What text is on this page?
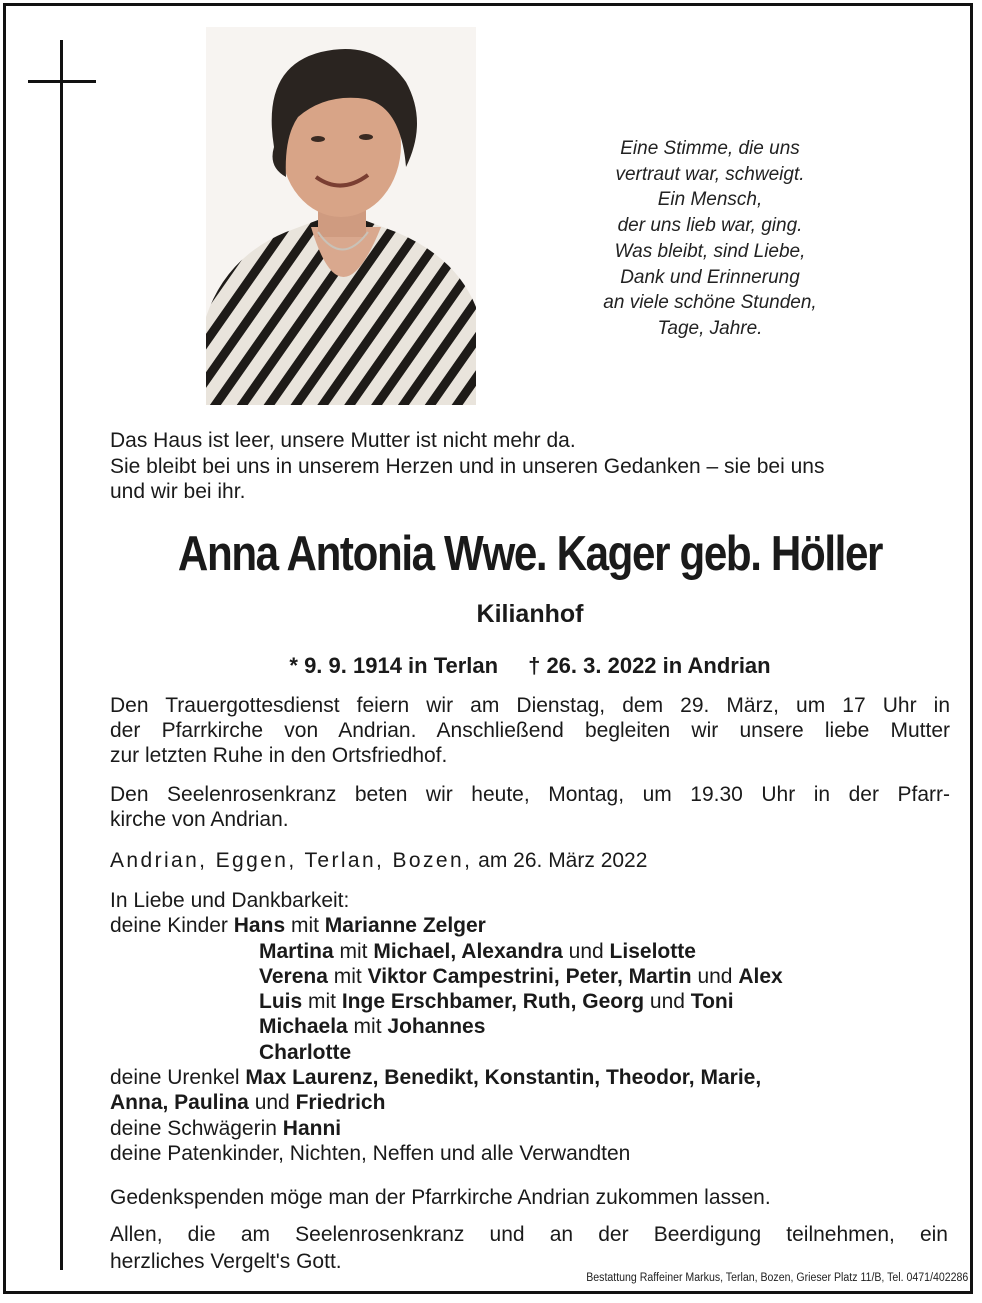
Eine Stimme, die uns
vertraut war, schweigt.
Ein Mensch,
der uns lieb war, ging.
Was bleibt, sind Liebe,
Dank und Erinnerung
an viele schöne Stunden,
Tage, Jahre.
Das Haus ist leer, unsere Mutter ist nicht mehr da.
Sie bleibt bei uns in unserem Herzen und in unseren Gedanken – sie bei uns
und wir bei ihr.
Anna Antonia Wwe. Kager geb. Höller
Kilianhof
* 9. 9. 1914 in Terlan † 26. 3. 2022 in Andrian
Den Trauergottesdienst feiern wir am Dienstag, dem 29. März, um 17 Uhr in
der Pfarrkirche von Andrian. Anschließend begleiten wir unsere liebe Mutter
zur letzten Ruhe in den Ortsfriedhof.
Den Seelenrosenkranz beten wir heute, Montag, um 19.30 Uhr in der Pfarr-
kirche von Andrian.
Andrian, Eggen, Terlan, Bozen, am 26. März 2022
In Liebe und Dankbarkeit:
deine Kinder Hans mit Marianne Zelger
Martina mit Michael, Alexandra und Liselotte
Verena mit Viktor Campestrini, Peter, Martin und Alex
Luis mit Inge Erschbamer, Ruth, Georg und Toni
Michaela mit Johannes
Charlotte
deine Urenkel Max Laurenz, Benedikt, Konstantin, Theodor, Marie,
Anna, Paulina und Friedrich
deine Schwägerin Hanni
deine Patenkinder, Nichten, Neffen und alle Verwandten
Gedenkspenden möge man der Pfarrkirche Andrian zukommen lassen.
Allen, die am Seelenrosenkranz und an der Beerdigung teilnehmen, ein
herzliches Vergelt's Gott.
Bestattung Raffeiner Markus, Terlan, Bozen, Grieser Platz 11/B, Tel. 0471/402286
